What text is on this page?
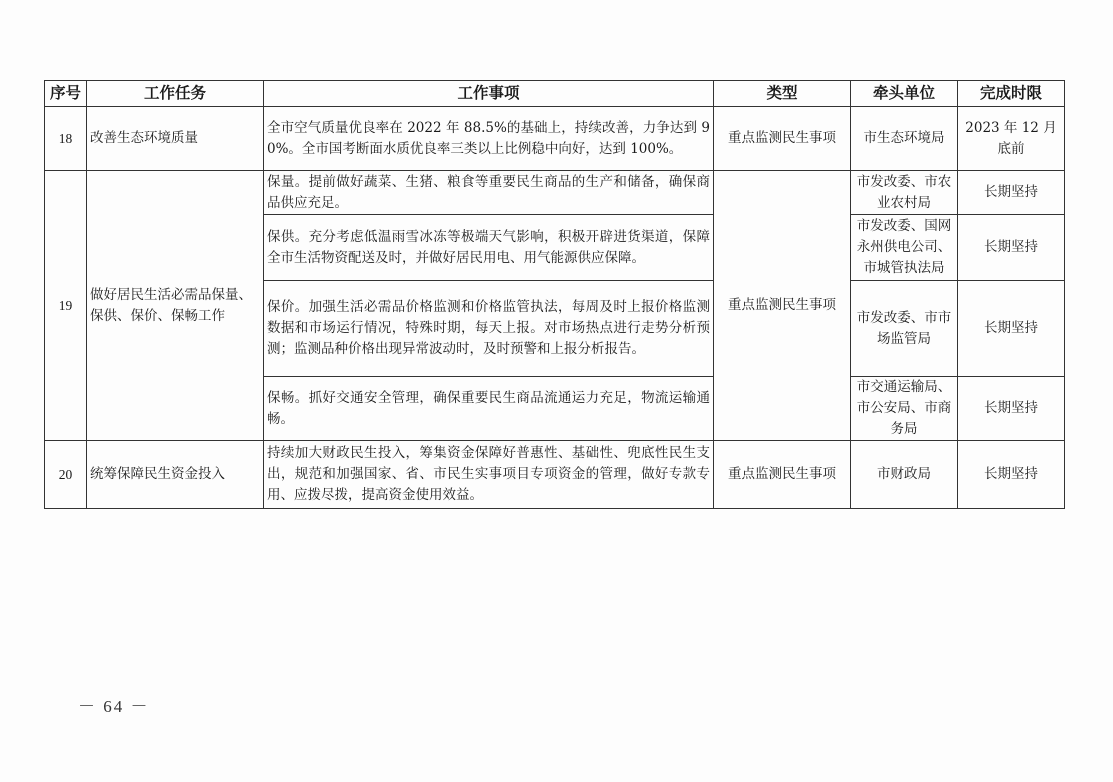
序号	工作任务	工作事项	类型	牵头单位	完成时限
18	改善生态环境质量	全市空气质量优良率在 2022 年 88.5%的基础上，持续改善，力争达到 90%。全市国考断面水质优良率三类以上比例稳中向好，达到 100%。	重点监测民生事项	市生态环境局	2023 年 12 月底前
19	做好居民生活必需品保量、保供、保价、保畅工作	保量。提前做好蔬菜、生猪、粮食等重要民生商品的生产和储备，确保商品供应充足。	重点监测民生事项	市发改委、市农业农村局	长期坚持
		保供。充分考虑低温雨雪冰冻等极端天气影响，积极开辟进货渠道，保障全市生活物资配送及时，并做好居民用电、用气能源供应保障。		市发改委、国网永州供电公司、市城管执法局	长期坚持
		保价。加强生活必需品价格监测和价格监管执法，每周及时上报价格监测数据和市场运行情况，特殊时期，每天上报。对市场热点进行走势分析预测；监测品种价格出现异常波动时，及时预警和上报分析报告。		市发改委、市市场监管局	长期坚持
		保畅。抓好交通安全管理，确保重要民生商品流通运力充足，物流运输通畅。		市交通运输局、市公安局、市商务局	长期坚持
20	统筹保障民生资金投入	持续加大财政民生投入，筹集资金保障好普惠性、基础性、兜底性民生支出，规范和加强国家、省、市民生实事项目专项资金的管理，做好专款专用、应拨尽拨，提高资金使用效益。	重点监测民生事项	市财政局	长期坚持
－ 64 －
